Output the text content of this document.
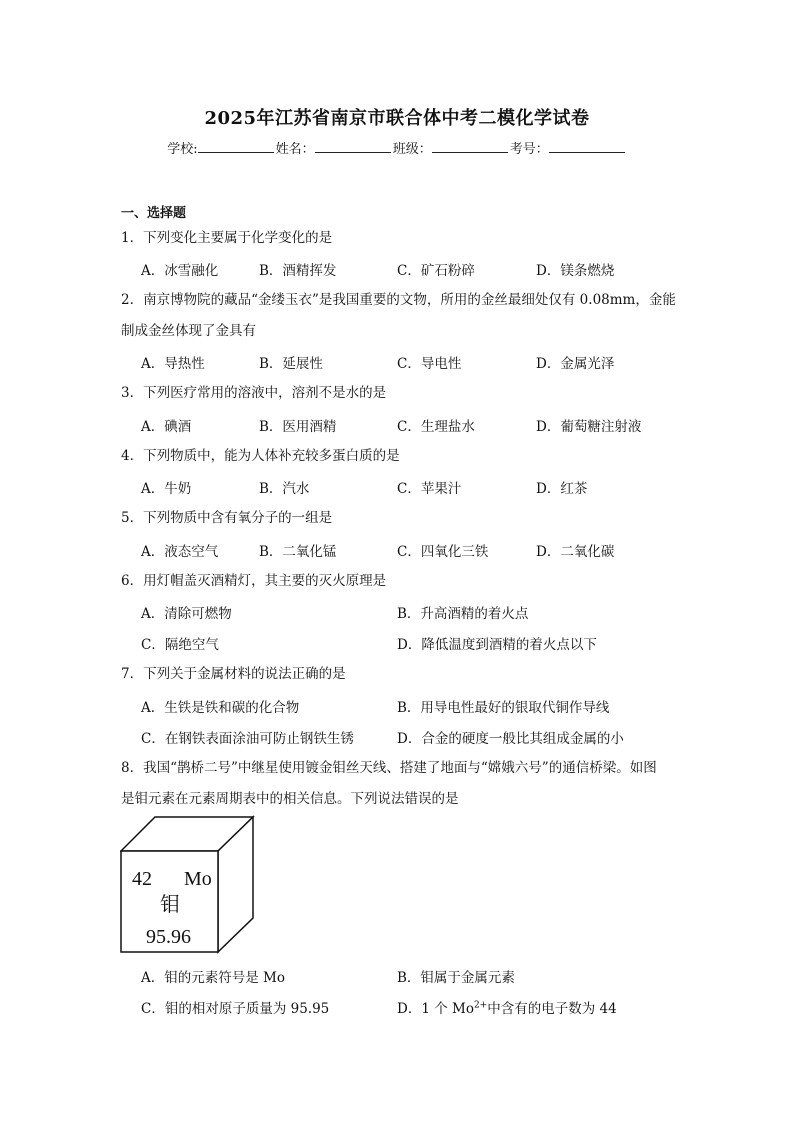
2025年江苏省南京市联合体中考二模化学试卷
学校:	姓名：	班级：	考号：
一、选择题
1．下列变化主要属于化学变化的是
A．冰雪融化	B．酒精挥发	C．矿石粉碎	D．镁条燃烧
2．南京博物院的藏品“金缕玉衣”是我国重要的文物，所用的金丝最细处仅有 0.08mm，金能
制成金丝体现了金具有
A．导热性	B．延展性	C．导电性	D．金属光泽
3．下列医疗常用的溶液中，溶剂不是水的是
A．碘酒	B．医用酒精	C．生理盐水	D．葡萄糖注射液
4．下列物质中，能为人体补充较多蛋白质的是
A．牛奶	B．汽水	C．苹果汁	D．红茶
5．下列物质中含有氧分子的一组是
A．液态空气	B．二氧化锰	C．四氧化三铁	D．二氧化碳
6．用灯帽盖灭酒精灯，其主要的灭火原理是
A．清除可燃物	B．升高酒精的着火点
C．隔绝空气	D．降低温度到酒精的着火点以下
7．下列关于金属材料的说法正确的是
A．生铁是铁和碳的化合物	B．用导电性最好的银取代铜作导线
C．在钢铁表面涂油可防止钢铁生锈	D．合金的硬度一般比其组成金属的小
8．我国“鹊桥二号”中继星使用镀金钼丝天线、搭建了地面与“嫦娥六号”的通信桥梁。如图
是钼元素在元素周期表中的相关信息。下列说法错误的是
42 Mo
钼
95.96
A．钼的元素符号是 Mo	B．钼属于金属元素
C．钼的相对原子质量为 95.95	D．1 个 $Mo^{2+}$中含有的电子数为 44
